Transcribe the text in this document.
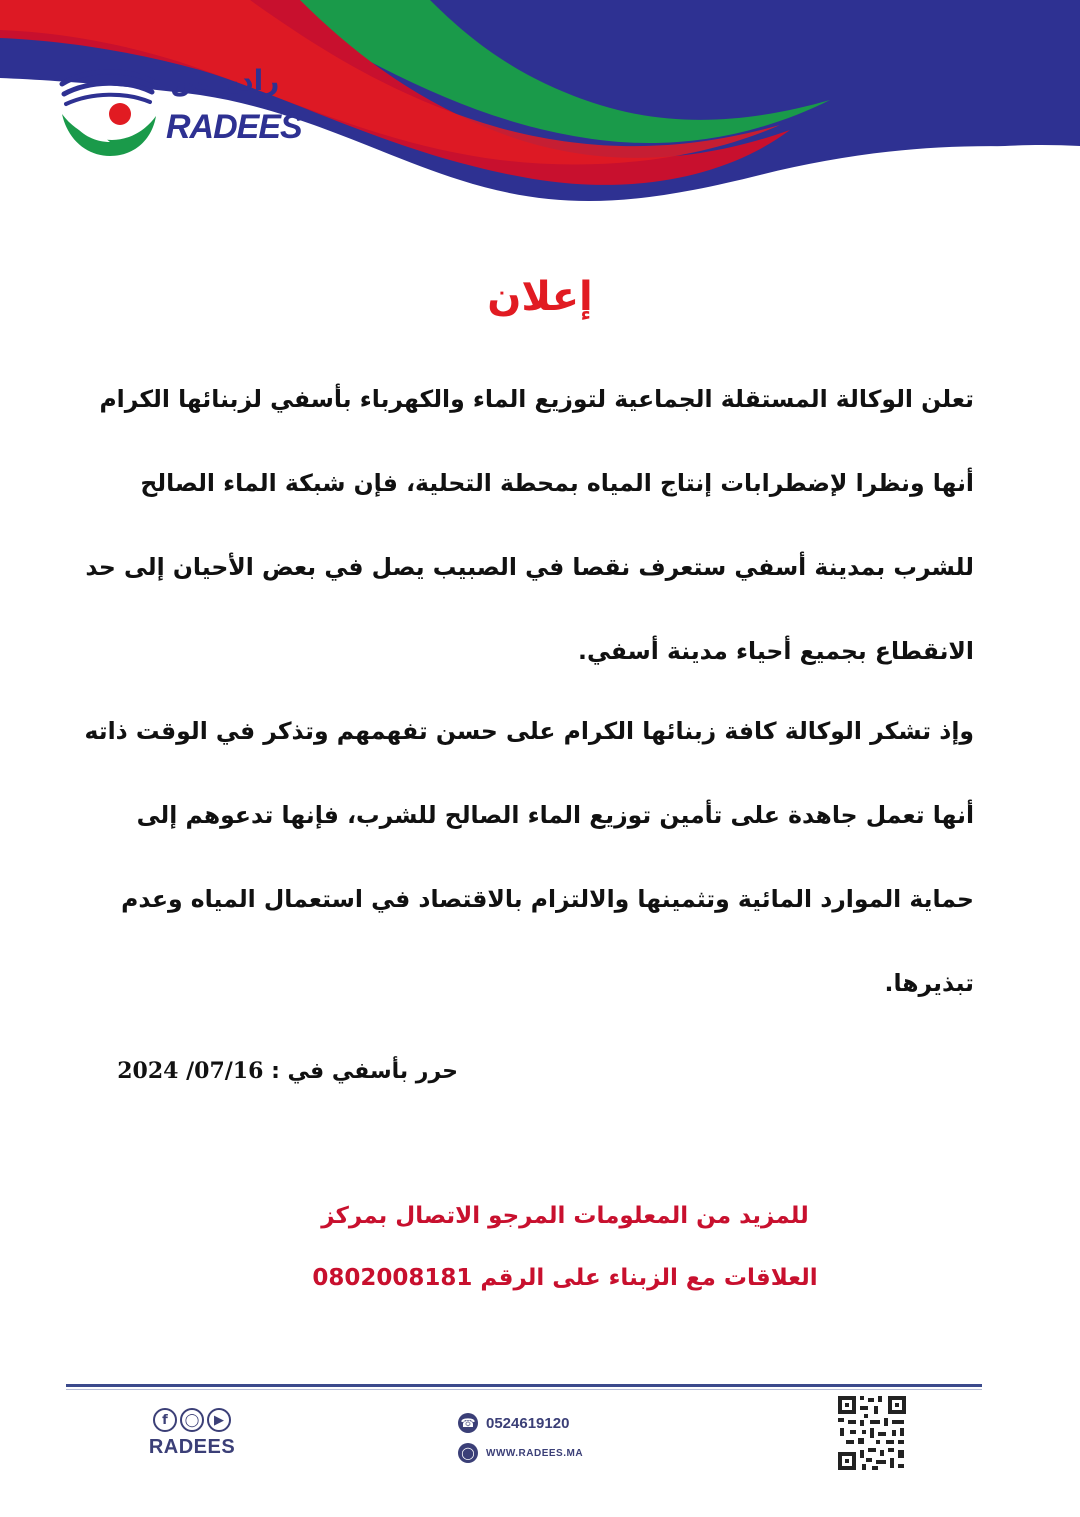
راديــس
RADEES
إعلان
تعلن الوكالة المستقلة الجماعية لتوزيع الماء والكهرباء بأسفي لزبنائها الكرام
أنها ونظرا لإضطرابات إنتاج المياه بمحطة التحلية، فإن شبكة الماء الصالح
للشرب بمدينة أسفي ستعرف نقصا في الصبيب يصل في بعض الأحيان إلى حد
الانقطاع بجميع أحياء مدينة أسفي.
وإذ تشكر الوكالة كافة زبنائها الكرام على حسن تفهمهم وتذكر في الوقت ذاته
أنها تعمل جاهدة على تأمين توزيع الماء الصالح للشرب، فإنها تدعوهم إلى
حماية الموارد المائية وتثمينها والالتزام بالاقتصاد في استعمال المياه وعدم
تبذيرها.
حرر بأسفي في : 2024 /07/16
للمزيد من المعلومات المرجو الاتصال بمركز
العلاقات مع الزبناء على الرقم 0802008181
f	◯	▶
RADEES
☎ 0524619120
◯	WWW.RADEES.MA
